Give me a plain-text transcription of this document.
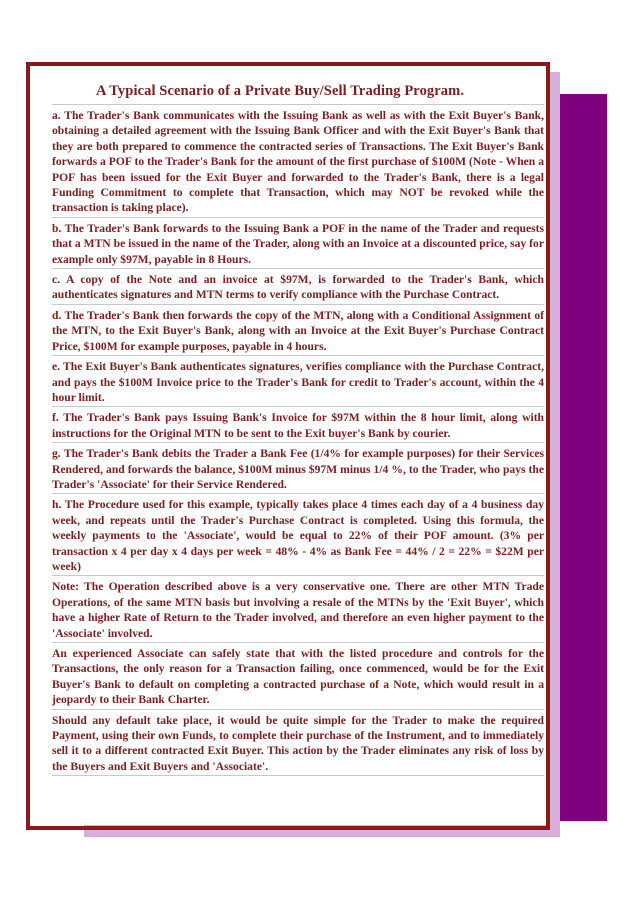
A Typical Scenario of a Private Buy/Sell Trading Program.

a. The Trader's Bank communicates with the Issuing Bank as well as with the Exit Buyer's Bank, obtaining a detailed agreement with the Issuing Bank Officer and with the Exit Buyer's Bank that they are both prepared to commence the contracted series of Transactions. The Exit Buyer's Bank forwards a POF to the Trader's Bank for the amount of the first purchase of $100M (Note - When a POF has been issued for the Exit Buyer and forwarded to the Trader's Bank, there is a legal Funding Commitment to complete that Transaction, which may NOT be revoked while the transaction is taking place).

b. The Trader's Bank forwards to the Issuing Bank a POF in the name of the Trader and requests that a MTN be issued in the name of the Trader, along with an Invoice at a discounted price, say for example only $97M, payable in 8 Hours.

c. A copy of the Note and an invoice at $97M, is forwarded to the Trader's Bank, which authenticates signatures and MTN terms to verify compliance with the Purchase Contract.

d. The Trader's Bank then forwards the copy of the MTN, along with a Conditional Assignment of the MTN, to the Exit Buyer's Bank, along with an Invoice at the Exit Buyer's Purchase Contract Price, $100M for example purposes, payable in 4 hours.

e. The Exit Buyer's Bank authenticates signatures, verifies compliance with the Purchase Contract, and pays the $100M Invoice price to the Trader's Bank for credit to Trader's account, within the 4 hour limit.

f. The Trader's Bank pays Issuing Bank's Invoice for $97M within the 8 hour limit, along with instructions for the Original MTN to be sent to the Exit buyer's Bank by courier.

g. The Trader's Bank debits the Trader a Bank Fee (1/4% for example purposes) for their Services Rendered, and forwards the balance, $100M minus $97M minus 1/4 %, to the Trader, who pays the Trader's 'Associate' for their Service Rendered.

h. The Procedure used for this example, typically takes place 4 times each day of a 4 business day week, and repeats until the Trader's Purchase Contract is completed. Using this formula, the weekly payments to the 'Associate', would be equal to 22% of their POF amount. (3% per transaction x 4 per day x 4 days per week = 48% - 4% as Bank Fee = 44% / 2 = 22% = $22M per week)

Note: The Operation described above is a very conservative one. There are other MTN Trade Operations, of the same MTN basis but involving a resale of the MTNs by the 'Exit Buyer', which have a higher Rate of Return to the Trader involved, and therefore an even higher payment to the 'Associate' involved.

An experienced Associate can safely state that with the listed procedure and controls for the Transactions, the only reason for a Transaction failing, once commenced, would be for the Exit Buyer's Bank to default on completing a contracted purchase of a Note, which would result in a jeopardy to their Bank Charter.

Should any default take place, it would be quite simple for the Trader to make the required Payment, using their own Funds, to complete their purchase of the Instrument, and to immediately sell it to a different contracted Exit Buyer. This action by the Trader eliminates any risk of loss by the Buyers and Exit Buyers and 'Associate'.
